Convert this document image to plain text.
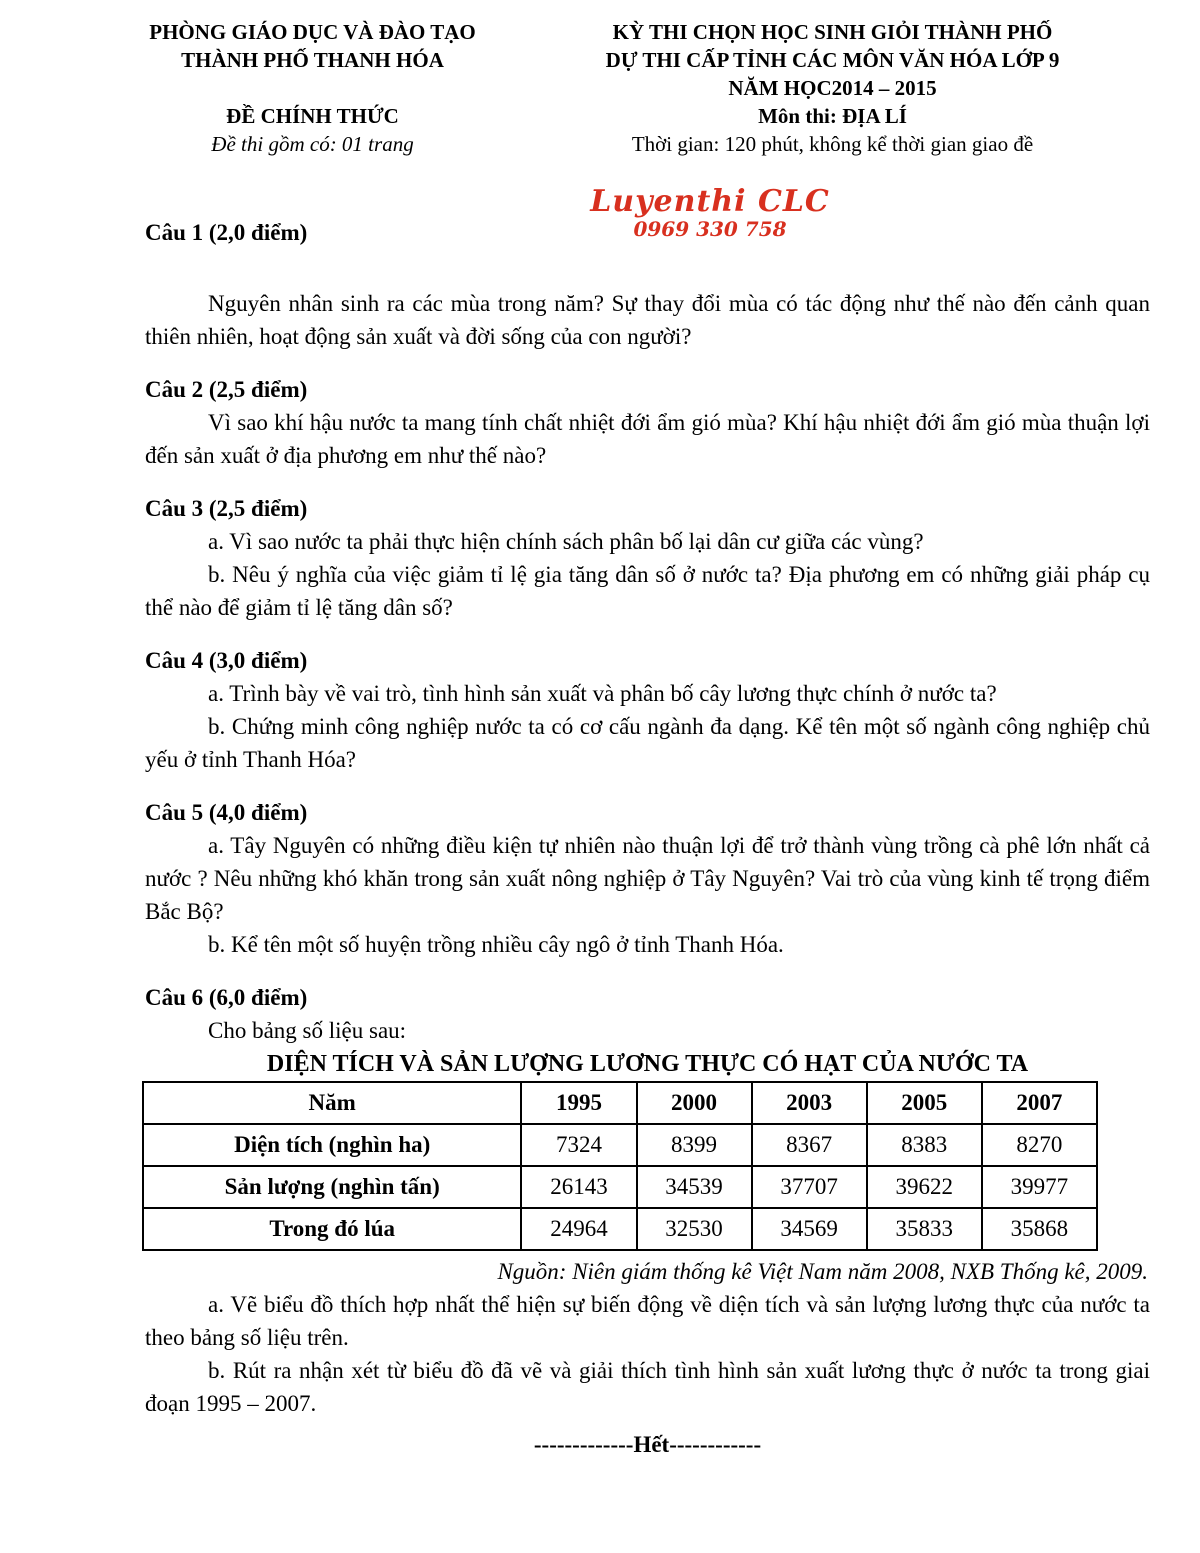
PHÒNG GIÁO DỤC VÀ ĐÀO TẠO
THÀNH PHỐ THANH HÓA
ĐỀ CHÍNH THỨC
Đề thi gồm có: 01 trang
KỲ THI CHỌN HỌC SINH GIỎI THÀNH PHỐ
DỰ THI CẤP TỈNH CÁC MÔN VĂN HÓA LỚP 9
NĂM HỌC2014 – 2015
Môn thi: ĐỊA LÍ
Thời gian: 120 phút, không kể thời gian giao đề
Luyenthi CLC
0969 330 758
Câu 1 (2,0 điểm)

Nguyên nhân sinh ra các mùa trong năm? Sự thay đổi mùa có tác động như thế nào đến cảnh quan thiên nhiên, hoạt động sản xuất và đời sống của con người?

Câu 2 (2,5 điểm)

Vì sao khí hậu nước ta mang tính chất nhiệt đới ẩm gió mùa? Khí hậu nhiệt đới ẩm gió mùa thuận lợi đến sản xuất ở địa phương em như thế nào?

Câu 3 (2,5 điểm)

a. Vì sao nước ta phải thực hiện chính sách phân bố lại dân cư giữa các vùng?

b. Nêu ý nghĩa của việc giảm tỉ lệ gia tăng dân số ở nước ta? Địa phương em có những giải pháp cụ thể nào để giảm tỉ lệ tăng dân số?

Câu 4 (3,0 điểm)

a. Trình bày về vai trò, tình hình sản xuất và phân bố cây lương thực chính ở nước ta?

b. Chứng minh công nghiệp nước ta có cơ cấu ngành đa dạng. Kể tên một số ngành công nghiệp chủ yếu ở tỉnh Thanh Hóa?

Câu 5 (4,0 điểm)

a. Tây Nguyên có những điều kiện tự nhiên nào thuận lợi để trở thành vùng trồng cà phê lớn nhất cả nước ? Nêu những khó khăn trong sản xuất nông nghiệp ở Tây Nguyên? Vai trò của vùng kinh tế trọng điểm Bắc Bộ?

b. Kể tên một số huyện trồng nhiều cây ngô ở tỉnh Thanh Hóa.

Câu 6 (6,0 điểm)

Cho bảng số liệu sau:

DIỆN TÍCH VÀ SẢN LƯỢNG LƯƠNG THỰC CÓ HẠT CỦA NƯỚC TA
Năm	1995	2000	2003	2005	2007
Diện tích (nghìn ha)	7324	8399	8367	8383	8270
Sản lượng (nghìn tấn)	26143	34539	37707	39622	39977
Trong đó lúa	24964	32530	34569	35833	35868
Nguồn: Niên giám thống kê Việt Nam năm 2008, NXB Thống kê, 2009.

a. Vẽ biểu đồ thích hợp nhất thể hiện sự biến động về diện tích và sản lượng lương thực của nước ta theo bảng số liệu trên.

b. Rút ra nhận xét từ biểu đồ đã vẽ và giải thích tình hình sản xuất lương thực ở nước ta trong giai đoạn 1995 – 2007.

-------------Hết------------
